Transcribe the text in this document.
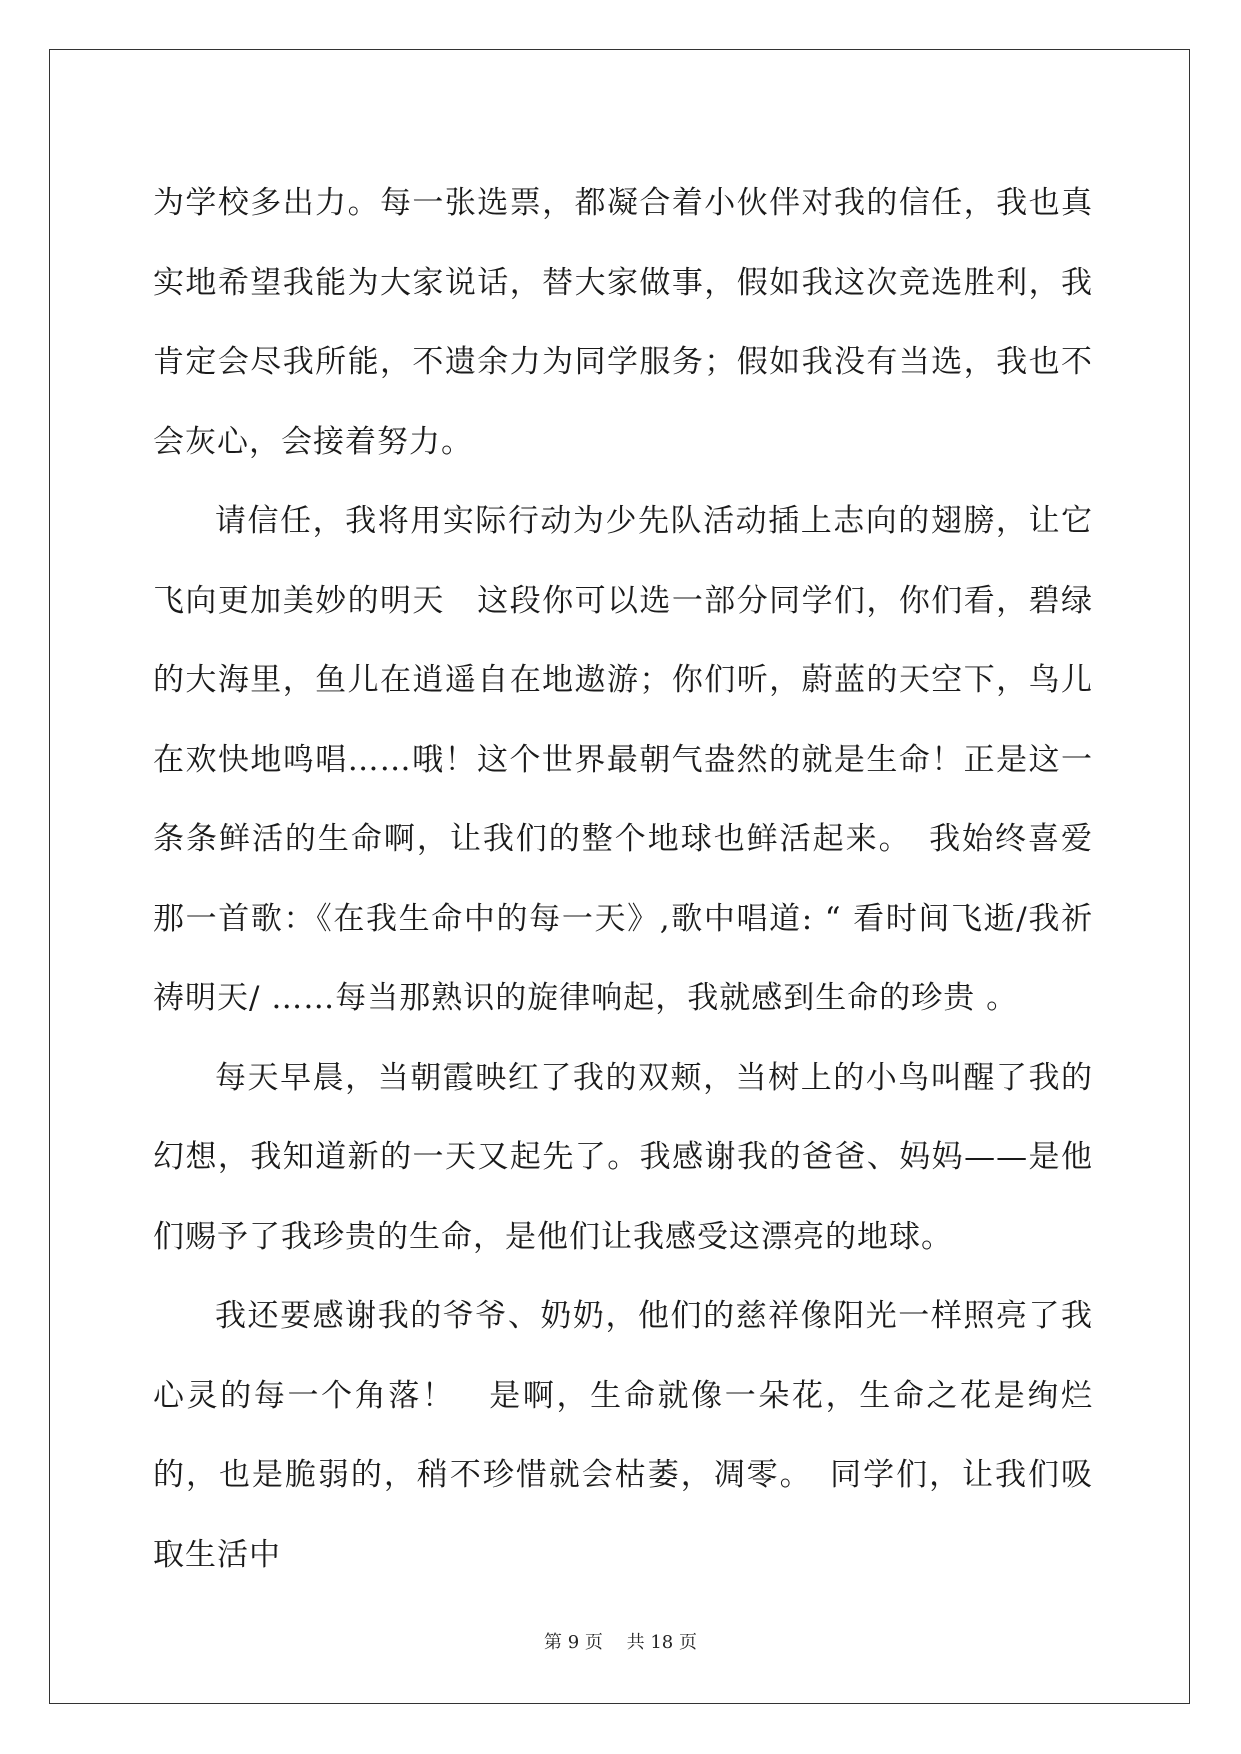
为学校多出力。每一张选票，都凝合着小伙伴对我的信任，我也真实地希望我能为大家说话，替大家做事，假如我这次竞选胜利，我肯定会尽我所能，不遗余力为同学服务；假如我没有当选，我也不会灰心，会接着努力。

请信任，我将用实际行动为少先队活动插上志向的翅膀，让它飞向更加美妙的明天　这段你可以选一部分同学们，你们看，碧绿的大海里，鱼儿在逍遥自在地遨游；你们听，蔚蓝的天空下，鸟儿在欢快地鸣唱……哦！这个世界最朝气盎然的就是生命！正是这一条条鲜活的生命啊，让我们的整个地球也鲜活起来。　我始终喜爱那一首歌：《在我生命中的每一天》,歌中唱道: “ 看时间飞逝/我祈祷明天/ ……每当那熟识的旋律响起，我就感到生命的珍贵 。

每天早晨，当朝霞映红了我的双颊，当树上的小鸟叫醒了我的幻想，我知道新的一天又起先了。我感谢我的爸爸、妈妈——是他们赐予了我珍贵的生命，是他们让我感受这漂亮的地球。

我还要感谢我的爷爷、奶奶，他们的慈祥像阳光一样照亮了我心灵的每一个角落！　是啊，生命就像一朵花，生命之花是绚烂的，也是脆弱的，稍不珍惜就会枯萎，凋零。　同学们，让我们吸取生活中

第 9 页　 共 18 页
